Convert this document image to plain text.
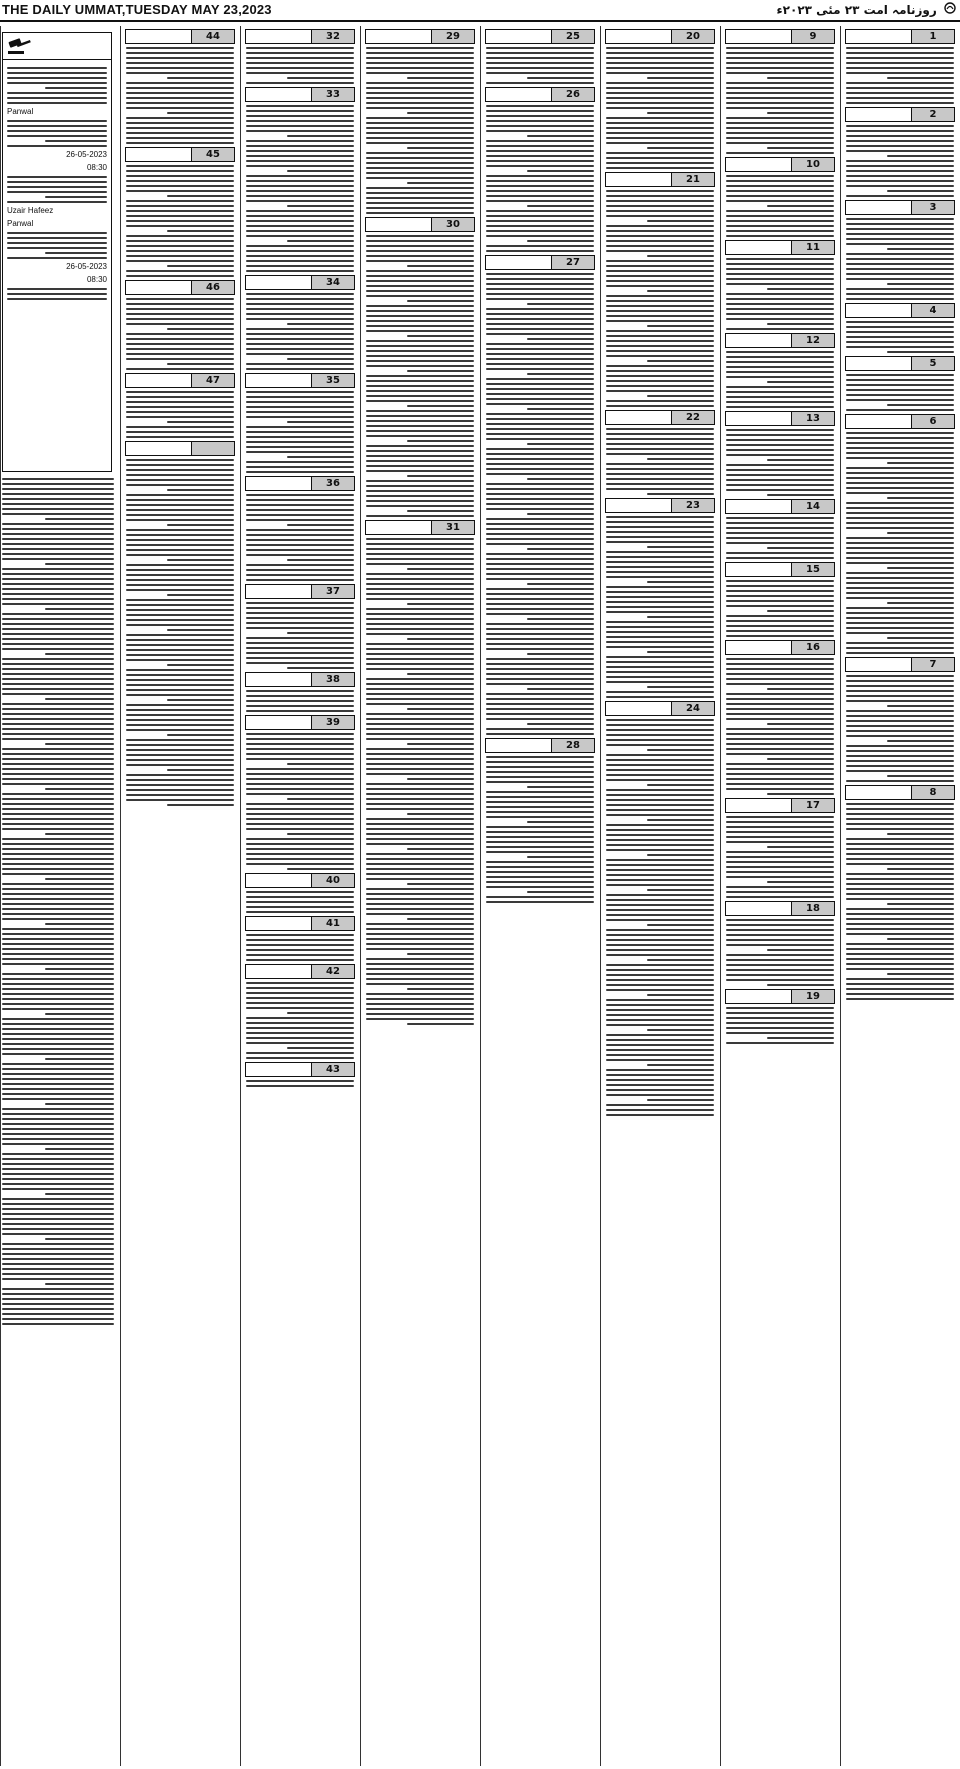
THE DAILY UMMAT,TUESDAY MAY 23,2023	روزنامہ امت ۲۳ مئی ۲۰۲۳ء
1
2
3
4
5
6
7
8
9
10
11
12
13
14
15
16
17
18
19
20
21
22
23
24
25
26
27
28
29
30
31
32
33
34
35
36
37
38
39
40
41
42
43
44
45
46
47
Panwal
26-05-2023
08:30
Uzair Hafeez
Panwal
26-05-2023
08:30
